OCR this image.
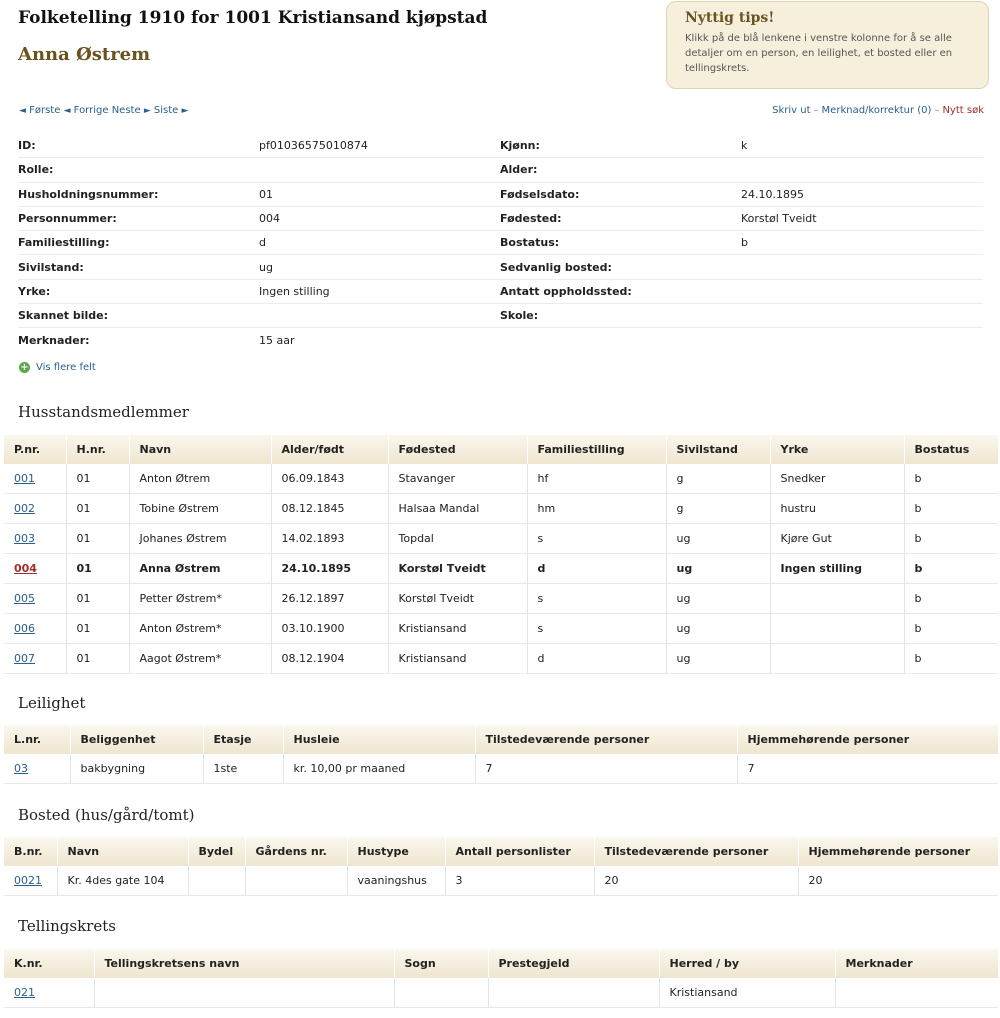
Folketelling 1910 for 1001 Kristiansand kjøpstad
Anna Østrem
Nyttig tips!
Klikk på de blå lenkene i venstre kolonne for å se alle detaljer om en person, en leilighet, et bosted eller en tellingskrets.
◄ Første ◄ Forrige Neste ► Siste ►	Skriv ut – Merknad/korrektur (0) – Nytt søk
ID:	pf01036575010874	Kjønn:	k
Rolle:	Alder:
Husholdningsnummer:	01	Fødselsdato:	24.10.1895
Personnummer:	004	Fødested:	Korstøl Tveidt
Familiestilling:	d	Bostatus:	b
Sivilstand:	ug	Sedvanlig bosted:
Yrke:	Ingen stilling	Antatt oppholdssted:
Skannet bilde:	Skole:
Merknader:	15 aar
+ Vis flere felt
Husstandsmedlemmer
P.nr.	H.nr.	Navn	Alder/født	Fødested	Familiestilling	Sivilstand	Yrke	Bostatus
001	01	Anton Øtrem	06.09.1843	Stavanger	hf	g	Snedker	b
002	01	Tobine Østrem	08.12.1845	Halsaa Mandal	hm	g	hustru	b
003	01	Johanes Østrem	14.02.1893	Topdal	s	ug	Kjøre Gut	b
004	01	Anna Østrem	24.10.1895	Korstøl Tveidt	d	ug	Ingen stilling	b
005	01	Petter Østrem*	26.12.1897	Korstøl Tveidt	s	ug		b
006	01	Anton Østrem*	03.10.1900	Kristiansand	s	ug		b
007	01	Aagot Østrem*	08.12.1904	Kristiansand	d	ug		b
Leilighet
L.nr.	Beliggenhet	Etasje	Husleie	Tilstedeværende personer	Hjemmehørende personer
03	bakbygning	1ste	kr. 10,00 pr maaned	7	7
Bosted (hus/gård/tomt)
B.nr.	Navn	Bydel	Gårdens nr.	Hustype	Antall personlister	Tilstedeværende personer	Hjemmehørende personer
0021	Kr. 4des gate 104			vaaningshus	3	20	20
Tellingskrets
K.nr.	Tellingskretsens navn	Sogn	Prestegjeld	Herred / by	Merknader
021				Kristiansand	
